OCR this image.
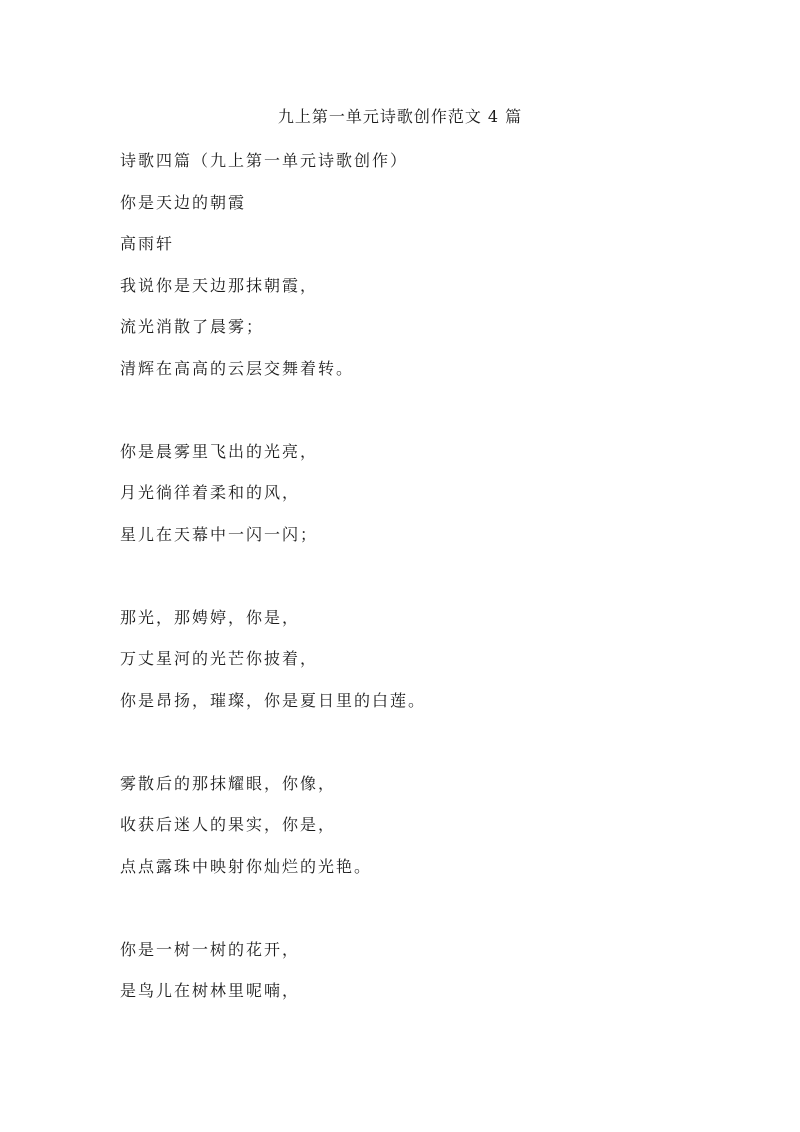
九上第一单元诗歌创作范文 4 篇
诗歌四篇（九上第一单元诗歌创作）
你是天边的朝霞
高雨轩
我说你是天边那抹朝霞，
流光消散了晨雾；
清辉在高高的云层交舞着转。
你是晨雾里飞出的光亮，
月光徜徉着柔和的风，
星儿在天幕中一闪一闪；
那光，那娉婷，你是，
万丈星河的光芒你披着，
你是昂扬，璀璨，你是夏日里的白莲。
雾散后的那抹耀眼，你像，
收获后迷人的果实，你是，
点点露珠中映射你灿烂的光艳。
你是一树一树的花开，
是鸟儿在树林里呢喃，
